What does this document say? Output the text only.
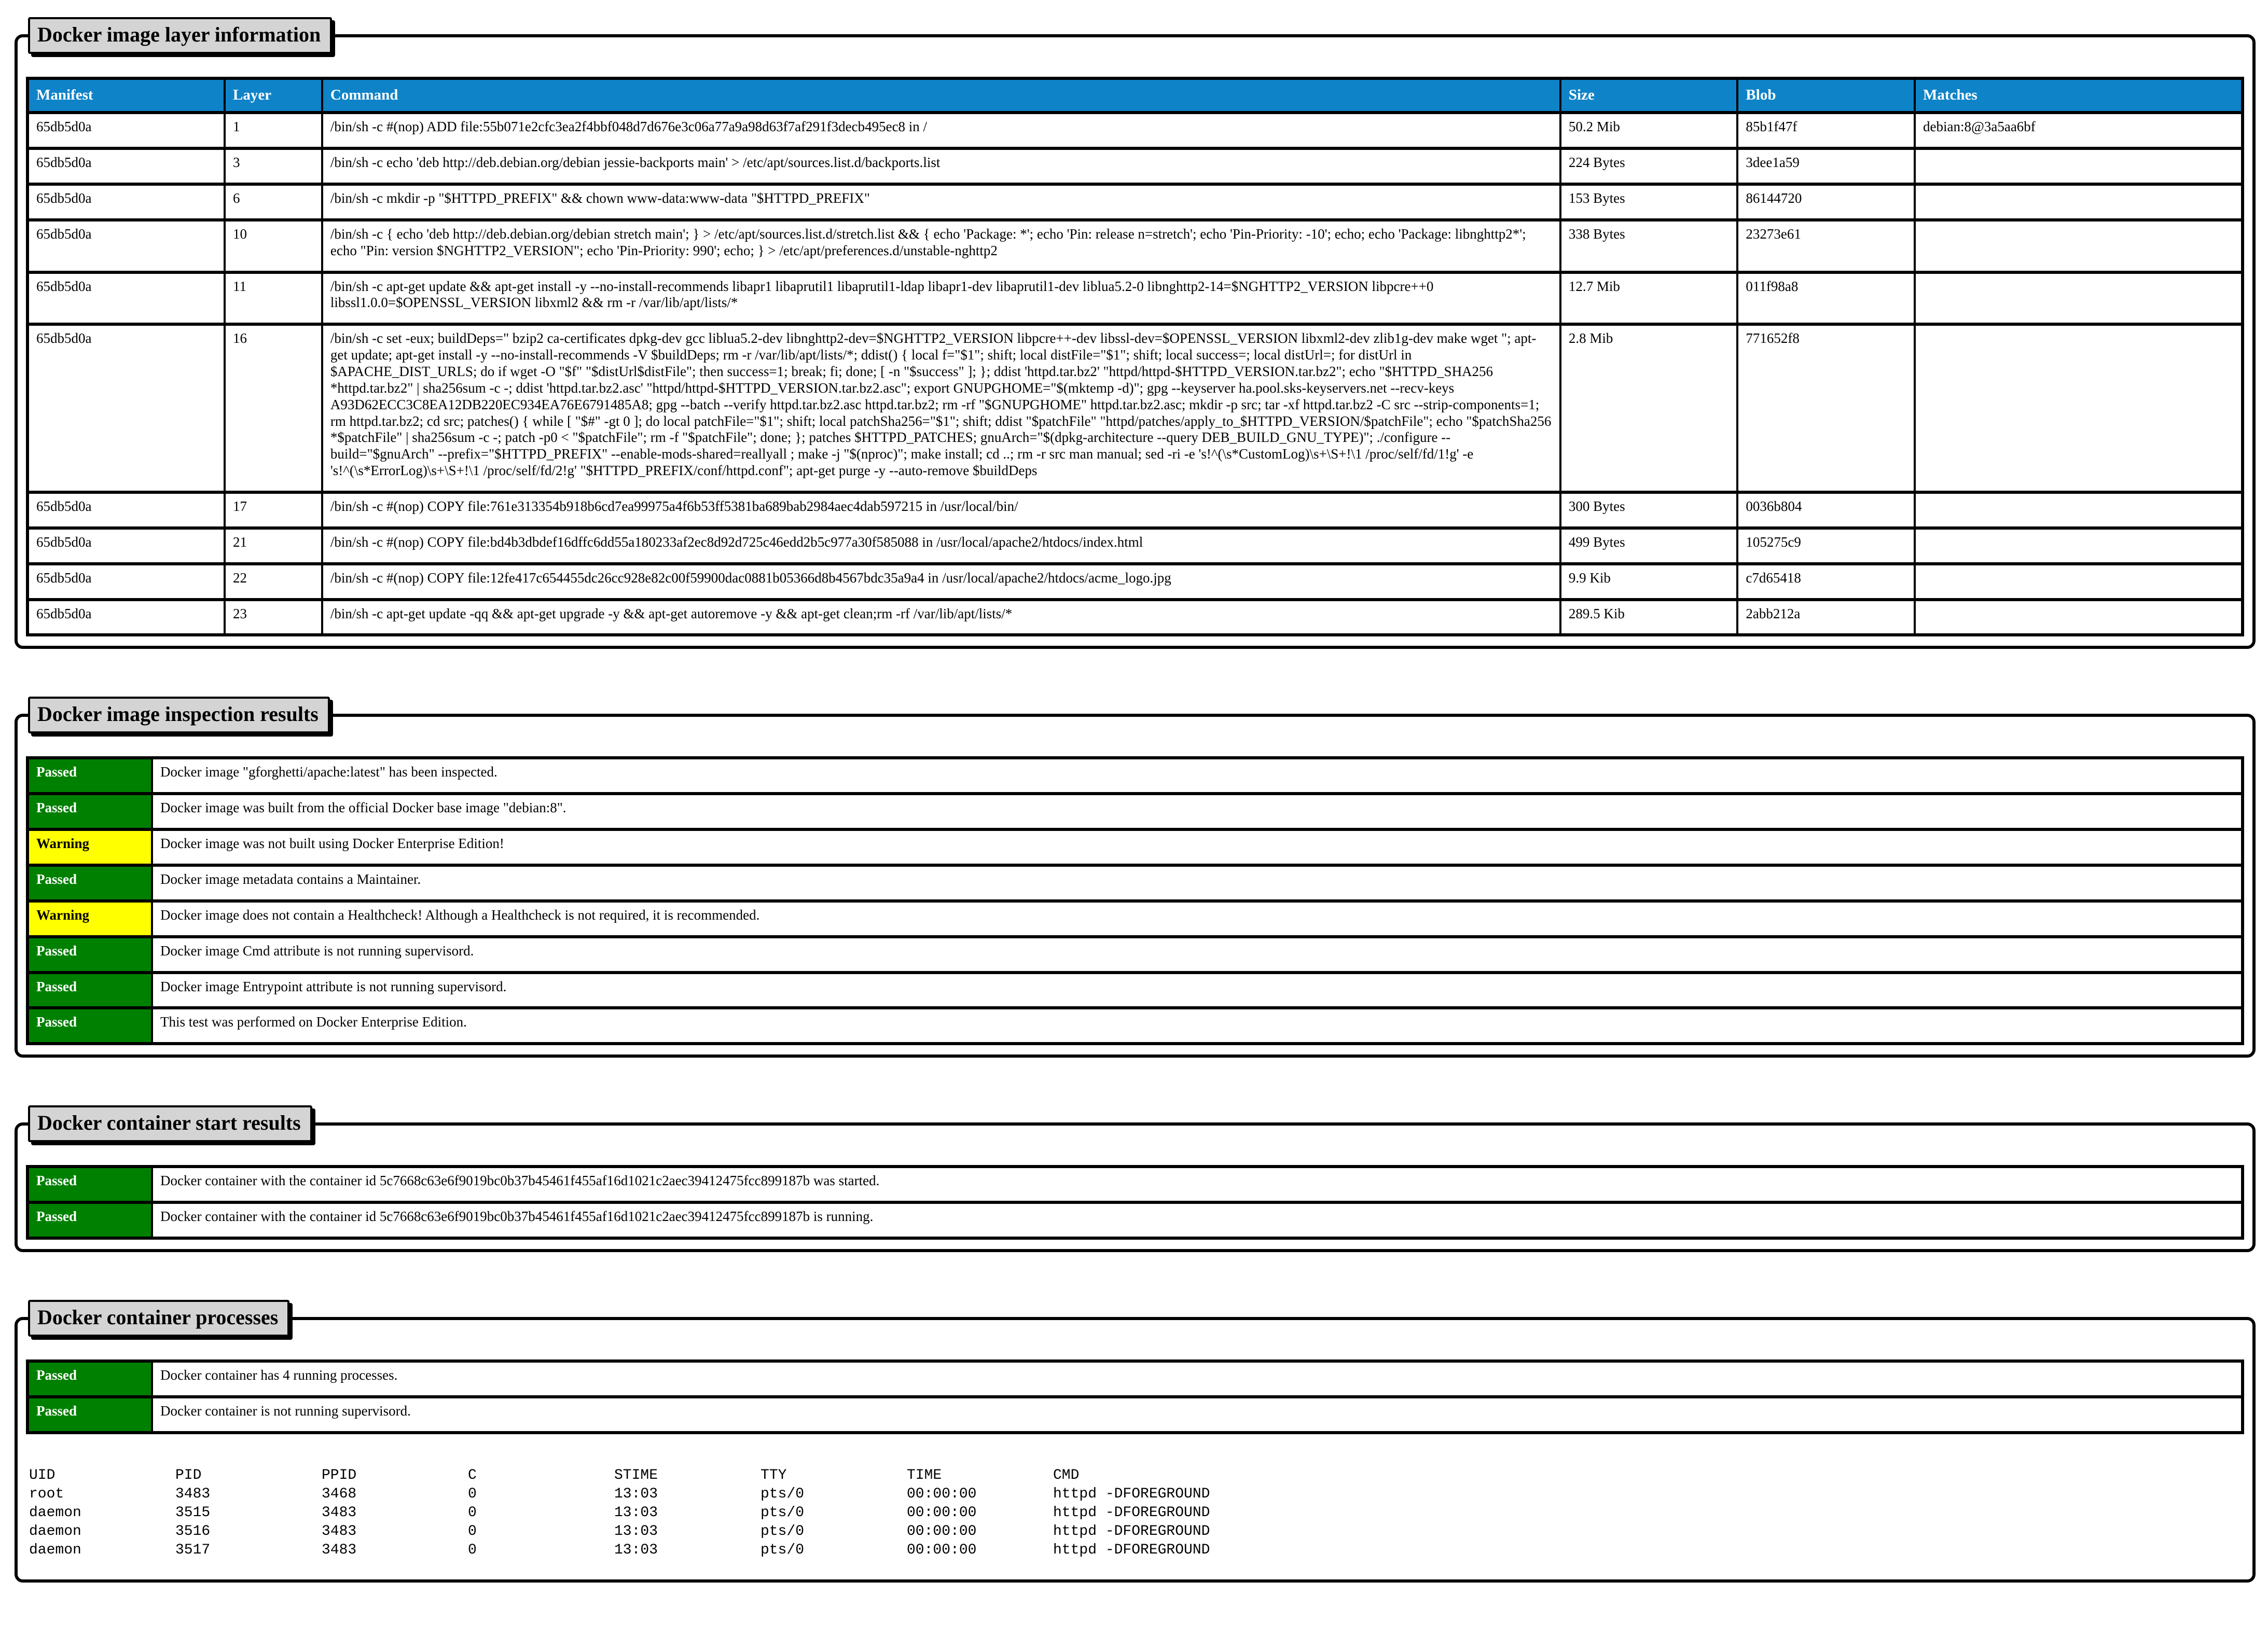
Docker image layer information
Manifest	Layer	Command	Size	Blob	Matches
65db5d0a	1	/bin/sh -c #(nop) ADD file:55b071e2cfc3ea2f4bbf048d7d676e3c06a77a9a98d63f7af291f3decb495ec8 in /	50.2 Mib	85b1f47f	debian:8@3a5aa6bf
65db5d0a	3	/bin/sh -c echo 'deb http://deb.debian.org/debian jessie-backports main' > /etc/apt/sources.list.d/backports.list	224 Bytes	3dee1a59	
65db5d0a	6	/bin/sh -c mkdir -p "$HTTPD_PREFIX" && chown www-data:www-data "$HTTPD_PREFIX"	153 Bytes	86144720	
65db5d0a	10	/bin/sh -c { echo 'deb http://deb.debian.org/debian stretch main'; } > /etc/apt/sources.list.d/stretch.list && { echo 'Package: *'; echo 'Pin: release n=stretch'; echo 'Pin-Priority: -10'; echo; echo 'Package: libnghttp2*'; echo "Pin: version $NGHTTP2_VERSION"; echo 'Pin-Priority: 990'; echo; } > /etc/apt/preferences.d/unstable-nghttp2	338 Bytes	23273e61	
65db5d0a	11	/bin/sh -c apt-get update && apt-get install -y --no-install-recommends libapr1 libaprutil1 libaprutil1-ldap libapr1-dev libaprutil1-dev liblua5.2-0 libnghttp2-14=$NGHTTP2_VERSION libpcre++0 libssl1.0.0=$OPENSSL_VERSION libxml2 && rm -r /var/lib/apt/lists/*	12.7 Mib	011f98a8	
65db5d0a	16	/bin/sh -c set -eux; buildDeps=" bzip2 ca-certificates dpkg-dev gcc liblua5.2-dev libnghttp2-dev=$NGHTTP2_VERSION libpcre++-dev libssl-dev=$OPENSSL_VERSION libxml2-dev zlib1g-dev make wget "; apt-get update; apt-get install -y --no-install-recommends -V $buildDeps; rm -r /var/lib/apt/lists/*; ddist() { local f="$1"; shift; local distFile="$1"; shift; local success=; local distUrl=; for distUrl in $APACHE_DIST_URLS; do if wget -O "$f" "$distUrl$distFile"; then success=1; break; fi; done; [ -n "$success" ]; }; ddist 'httpd.tar.bz2' "httpd/httpd-$HTTPD_VERSION.tar.bz2"; echo "$HTTPD_SHA256 *httpd.tar.bz2" | sha256sum -c -; ddist 'httpd.tar.bz2.asc' "httpd/httpd-$HTTPD_VERSION.tar.bz2.asc"; export GNUPGHOME="$(mktemp -d)"; gpg --keyserver ha.pool.sks-keyservers.net --recv-keys A93D62ECC3C8EA12DB220EC934EA76E6791485A8; gpg --batch --verify httpd.tar.bz2.asc httpd.tar.bz2; rm -rf "$GNUPGHOME" httpd.tar.bz2.asc; mkdir -p src; tar -xf httpd.tar.bz2 -C src --strip-components=1; rm httpd.tar.bz2; cd src; patches() { while [ "$#" -gt 0 ]; do local patchFile="$1"; shift; local patchSha256="$1"; shift; ddist "$patchFile" "httpd/patches/apply_to_$HTTPD_VERSION/$patchFile"; echo "$patchSha256 *$patchFile" | sha256sum -c -; patch -p0 < "$patchFile"; rm -f "$patchFile"; done; }; patches $HTTPD_PATCHES; gnuArch="$(dpkg-architecture --query DEB_BUILD_GNU_TYPE)"; ./configure --build="$gnuArch" --prefix="$HTTPD_PREFIX" --enable-mods-shared=reallyall ; make -j "$(nproc)"; make install; cd ..; rm -r src man manual; sed -ri -e 's!^(\s*CustomLog)\s+\S+!\1 /proc/self/fd/1!g' -e 's!^(\s*ErrorLog)\s+\S+!\1 /proc/self/fd/2!g' "$HTTPD_PREFIX/conf/httpd.conf"; apt-get purge -y --auto-remove $buildDeps	2.8 Mib	771652f8	
65db5d0a	17	/bin/sh -c #(nop) COPY file:761e313354b918b6cd7ea99975a4f6b53ff5381ba689bab2984aec4dab597215 in /usr/local/bin/	300 Bytes	0036b804	
65db5d0a	21	/bin/sh -c #(nop) COPY file:bd4b3dbdef16dffc6dd55a180233af2ec8d92d725c46edd2b5c977a30f585088 in /usr/local/apache2/htdocs/index.html	499 Bytes	105275c9	
65db5d0a	22	/bin/sh -c #(nop) COPY file:12fe417c654455dc26cc928e82c00f59900dac0881b05366d8b4567bdc35a9a4 in /usr/local/apache2/htdocs/acme_logo.jpg	9.9 Kib	c7d65418	
65db5d0a	23	/bin/sh -c apt-get update -qq && apt-get upgrade -y && apt-get autoremove -y && apt-get clean;rm -rf /var/lib/apt/lists/*	289.5 Kib	2abb212a	
Docker image inspection results
Passed	Docker image "gforghetti/apache:latest" has been inspected.
Passed	Docker image was built from the official Docker base image "debian:8".
Warning	Docker image was not built using Docker Enterprise Edition!
Passed	Docker image metadata contains a Maintainer.
Warning	Docker image does not contain a Healthcheck! Although a Healthcheck is not required, it is recommended.
Passed	Docker image Cmd attribute is not running supervisord.
Passed	Docker image Entrypoint attribute is not running supervisord.
Passed	This test was performed on Docker Enterprise Edition.
Docker container start results
Passed	Docker container with the container id 5c7668c63e6f9019bc0b37b45461f455af16d1021c2aec39412475fcc899187b was started.
Passed	Docker container with the container id 5c7668c63e6f9019bc0b37b45461f455af16d1021c2aec39412475fcc899187b is running.
Docker container processes
Passed	Docker container has 4 running processes.
Passed	Docker container is not running supervisord.
UID	PID	PPID	C	STIME	TTY	TIME	CMD
root	3483	3468	0	13:03	pts/0	00:00:00	httpd -DFOREGROUND
daemon	3515	3483	0	13:03	pts/0	00:00:00	httpd -DFOREGROUND
daemon	3516	3483	0	13:03	pts/0	00:00:00	httpd -DFOREGROUND
daemon	3517	3483	0	13:03	pts/0	00:00:00	httpd -DFOREGROUND
